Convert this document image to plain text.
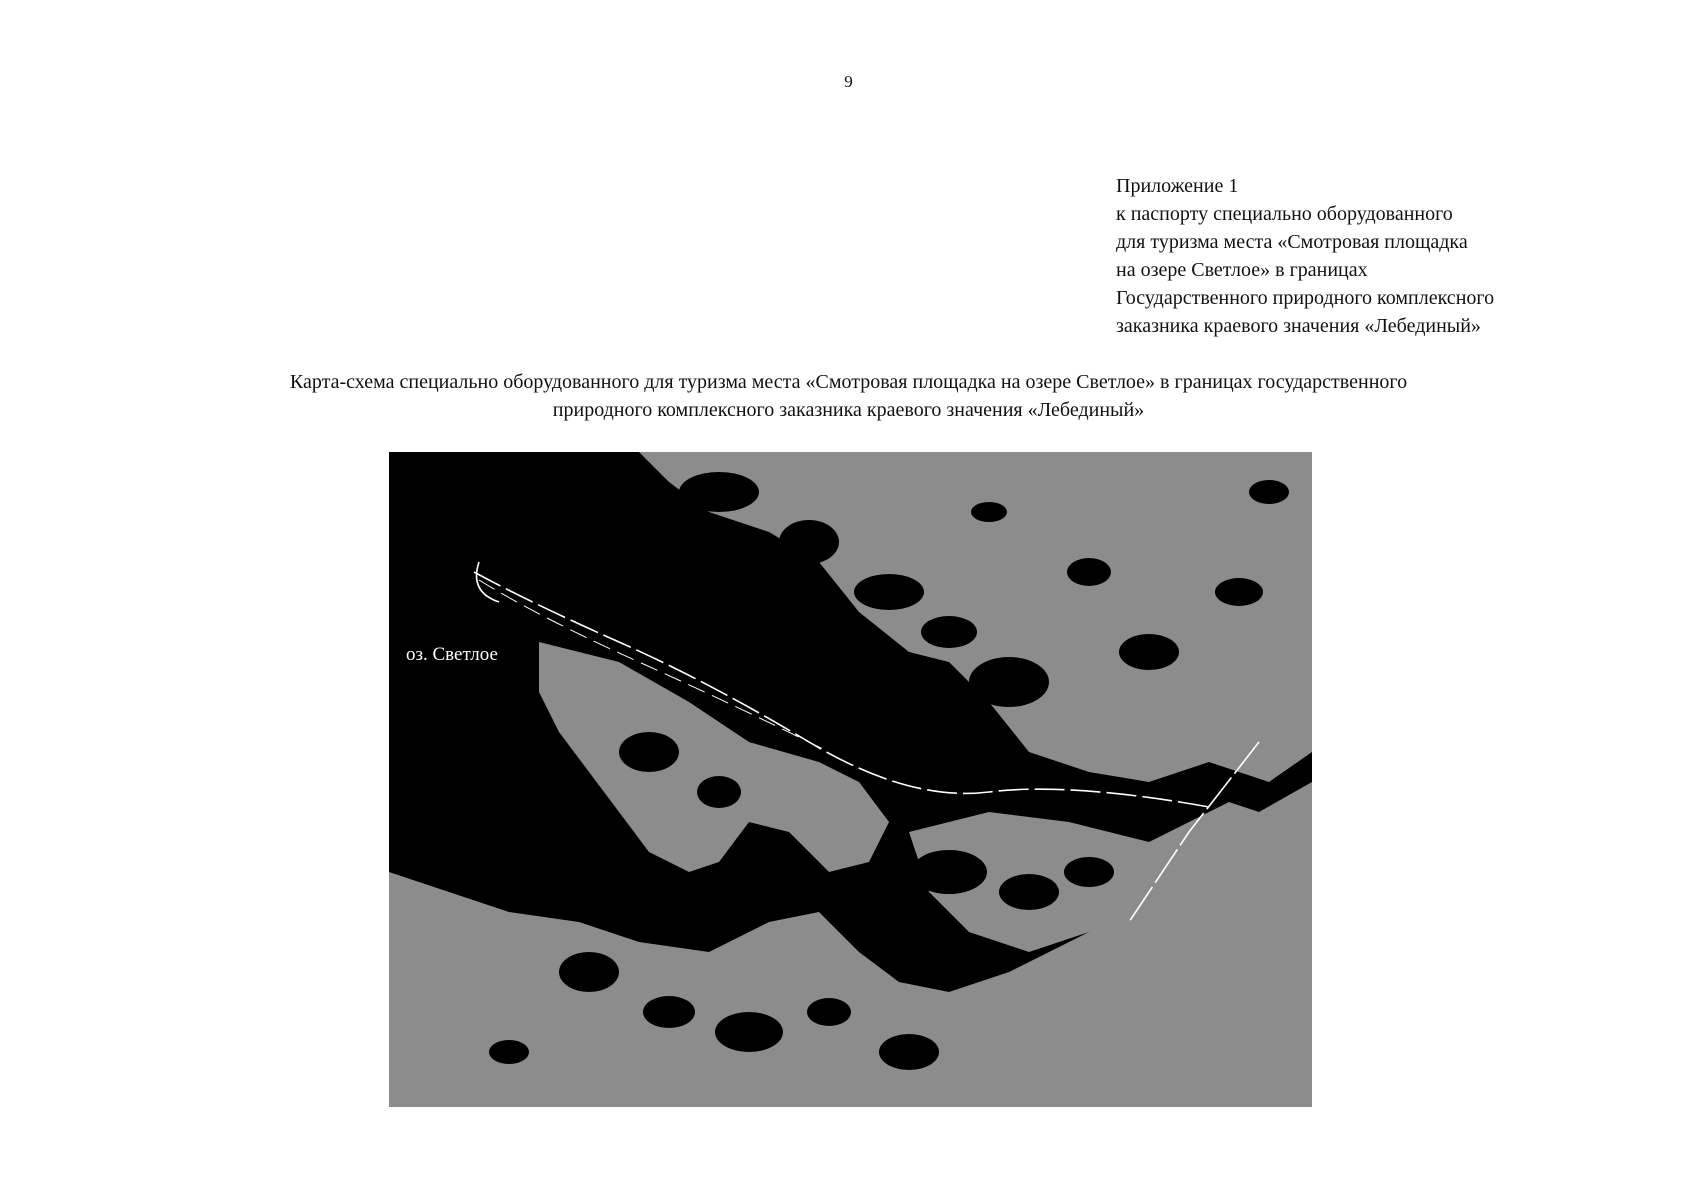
9
Приложение 1
к паспорту специально оборудованного
для туризма места «Смотровая площадка
на озере Светлое» в границах
Государственного природного комплексного
заказника краевого значения «Лебединый»
Карта-схема специально оборудованного для туризма места «Смотровая площадка на озере Светлое» в границах государственного
природного комплексного заказника краевого значения «Лебединый»
оз. Светлое
